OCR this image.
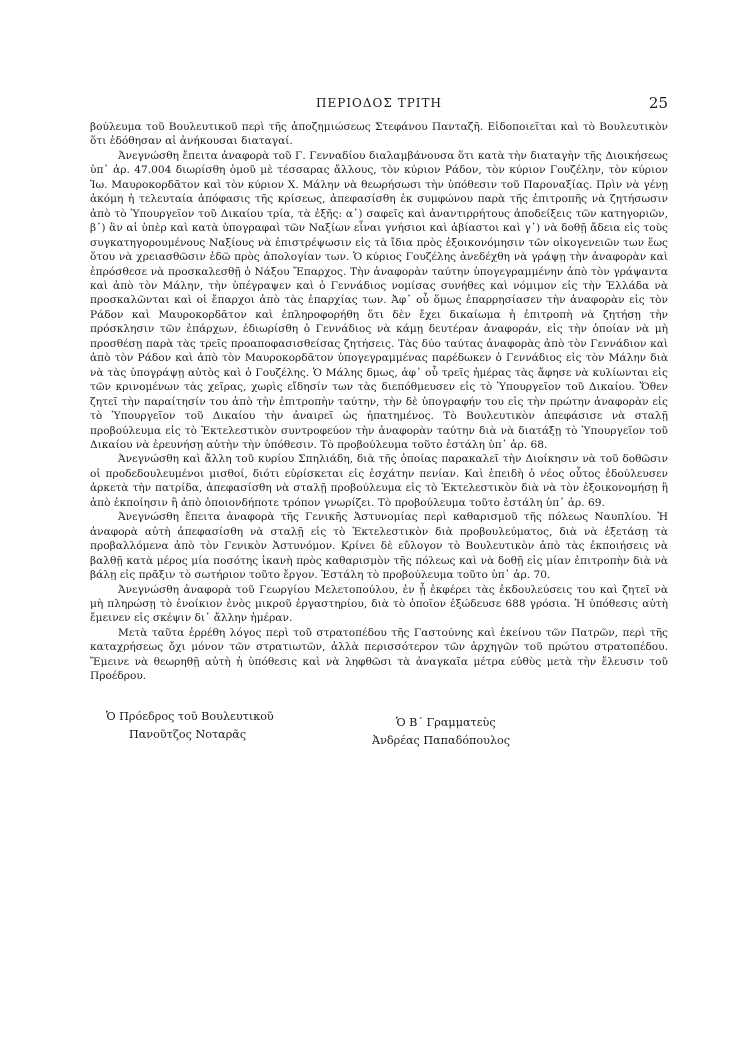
ΠΕΡΙΟΔΟΣ ΤΡΙΤΗ	25

βούλευμα τοῦ Βουλευτικοῦ περὶ τῆς ἀποζημιώσεως Στεφάνου Πανταζῆ. Εἰδοποιεῖται καὶ τὸ Βουλευτικὸν ὅτι ἐδόθησαν αἱ ἀνήκουσαι διαταγαί.

Ἀνεγνώσθη ἔπειτα ἀναφορὰ τοῦ Γ. Γενναδίου διαλαμβάνουσα ὅτι κατὰ τὴν διαταγὴν τῆς Διοικήσεως ὑπ᾽ ἀρ. 47.004 διωρίσθη ὁμοῦ μὲ τέσσαρας ἄλλους, τὸν κύριον Ράδον, τὸν κύριον Γουζέλην, τὸν κύριον Ἰω. Μαυροκορδᾶτον καὶ τὸν κύριον Χ. Μάλην νὰ θεωρήσωσι τὴν ὑπόθεσιν τοῦ Παροναξίας. Πρὶν νὰ γένῃ ἀκόμη ἡ τελευταία ἀπόφασις τῆς κρίσεως, ἀπεφασίσθη ἐκ συμφώνου παρὰ τῆς ἐπιτροπῆς νὰ ζητήσωσιν ἀπὸ τὸ Ὑπουργεῖον τοῦ Δικαίου τρία, τὰ ἐξῆς: α᾽) σαφεῖς καὶ ἀναντιρρήτους ἀποδείξεις τῶν κατηγοριῶν, β᾽) ἂν αἱ ὑπὲρ καὶ κατὰ ὑπογραφαὶ τῶν Ναξίων εἶναι γνήσιοι καὶ ἀβίαστοι καὶ γ᾽) νὰ δοθῇ ἄδεια εἰς τοὺς συγκατηγορουμένους Ναξίους νὰ ἐπιστρέψωσιν εἰς τὰ ἴδια πρὸς ἐξοικονόμησιν τῶν οἰκογενειῶν των ἕως ὅτου νὰ χρειασθῶσιν ἐδῶ πρὸς ἀπολογίαν των. Ὁ κύριος Γουζέλης ἀνεδέχθη νὰ γράψῃ τὴν ἀναφορὰν καὶ ἐπρόσθεσε νὰ προσκαλεσθῇ ὁ Νάξου Ἔπαρχος. Τὴν ἀναφορὰν ταύτην ὑπογεγραμμένην ἀπὸ τὸν γράψαντα καὶ ἀπὸ τὸν Μάλην, τὴν ὑπέγραψεν καὶ ὁ Γεννάδιος νομίσας συνήθες καὶ νόμιμον εἰς τὴν Ἑλλάδα νὰ προσκαλῶνται καὶ οἱ ἔπαρχοι ἀπὸ τὰς ἐπαρχίας των. Ἀφ᾽ οὗ ὅμως ἐπαρρησίασεν τὴν ἀναφορὰν εἰς τὸν Ράδον καὶ Μαυροκορδᾶτον καὶ ἐπληροφορήθη ὅτι δὲν ἔχει δικαίωμα ἡ ἐπιτροπὴ νὰ ζητήσῃ τὴν πρόσκλησιν τῶν ἐπάρχων, ἐδιωρίσθη ὁ Γεννάδιος νὰ κάμῃ δευτέραν ἀναφοράν, εἰς τὴν ὁποίαν νὰ μὴ προσθέσῃ παρὰ τὰς τρεῖς προαποφασισθείσας ζητήσεις. Τὰς δύο ταύτας ἀναφορὰς ἀπὸ τὸν Γεννάδιον καὶ ἀπὸ τὸν Ράδον καὶ ἀπὸ τὸν Μαυροκορδᾶτον ὑπογεγραμμένας παρέδωκεν ὁ Γεννάδιος εἰς τὸν Μάλην διὰ νὰ τὰς ὑπογράψῃ αὐτὸς καὶ ὁ Γουζέλης. Ὁ Μάλης δμως, ἀφ᾽ οὗ τρεῖς ἡμέρας τὰς ἄφησε νὰ κυλίωνται εἰς τῶν κρινομένων τὰς χεῖρας, χωρὶς εἴδησίν των τὰς διεπόθμευσεν εἰς τὸ Ὑπουργεῖον τοῦ Δικαίου. Ὅθεν ζητεῖ τὴν παραίτησίν του ἀπὸ τὴν ἐπιτροπὴν ταύτην, τὴν δὲ ὑπογραφήν του εἰς τὴν πρώτην ἀναφορὰν εἰς τὸ Ὑπουργεῖον τοῦ Δικαίου τὴν ἀναιρεῖ ὡς ἠπατημένος. Τὸ Βουλευτικὸν ἀπεφάσισε νὰ σταλῇ προβούλευμα εἰς τὸ Ἐκτελεστικὸν συντροφεύον τὴν ἀναφορὰν ταύτην διὰ νὰ διατάξῃ τὸ Ὑπουργεῖον τοῦ Δικαίου νὰ ἐρευνήσῃ αὐτὴν τὴν ὑπόθεσιν. Τὸ προβούλευμα τοῦτο ἐστάλη ὑπ᾽ ἀρ. 68.

Ἀνεγνώσθη καὶ ἄλλη τοῦ κυρίου Σπηλιάδη, διὰ τῆς ὁποίας παρακαλεῖ τὴν Διοίκησιν νὰ τοῦ δοθῶσιν οἱ προδεδουλευμένοι μισθοί, διότι εὑρίσκεται εἰς ἐσχάτην πενίαν. Καὶ ἐπειδὴ ὁ νέος οὗτος ἐδούλευσεν ἀρκετὰ τὴν πατρίδα, ἀπεφασίσθη νὰ σταλῇ προβούλευμα εἰς τὸ Ἐκτελεστικὸν διὰ νὰ τὸν ἐξοικονομήσῃ ἢ ἀπὸ ἐκποίησιν ἢ ἀπὸ ὁποιονδήποτε τρόπον γνωρίζει. Τὸ προβούλευμα τοῦτο ἐστάλη ὑπ᾽ ἀρ. 69.

Ἀνεγνώσθη ἔπειτα ἀναφορὰ τῆς Γενικῆς Ἀστυνομίας περὶ καθαρισμοῦ τῆς πόλεως Ναυπλίου. Ἡ ἀναφορὰ αὐτὴ ἀπεφασίσθη νὰ σταλῇ εἰς τὸ Ἐκτελεστικὸν διὰ προβουλεύματος, διὰ νὰ ἐξετάσῃ τὰ προβαλλόμενα ἀπὸ τὸν Γενικὸν Ἀστυνόμον. Κρίνει δὲ εὔλογον τὸ Βουλευτικὸν ἀπὸ τὰς ἐκποιήσεις νὰ βαλθῇ κατὰ μέρος μία ποσότης ἱκανὴ πρὸς καθαρισμὸν τῆς πόλεως καὶ νὰ δοθῇ εἰς μίαν ἐπιτροπὴν διὰ νὰ βάλῃ εἰς πρᾶξιν τὸ σωτήριον τοῦτο ἔργον. Ἐστάλη τὸ προβούλευμα τοῦτο ὑπ᾽ ἀρ. 70.

Ἀνεγνώσθη ἀναφορὰ τοῦ Γεωργίου Μελετοπούλου, ἐν ᾗ ἐκφέρει τὰς ἐκδουλεύσεις του καὶ ζητεῖ νὰ μὴ πληρώσῃ τὸ ἐνοίκιον ἑνὸς μικροῦ ἐργαστηρίου, διὰ τὸ ὁποῖον ἐξώδευσε 688 γρόσια. Ἡ ὑπόθεσις αὐτὴ ἔμεινεν εἰς σκέψιν δι᾽ ἄλλην ἡμέραν.

Μετὰ ταῦτα ἐρρέθη λόγος περὶ τοῦ στρατοπέδου τῆς Γαστούνης καὶ ἐκείνου τῶν Πατρῶν, περὶ τῆς καταχρήσεως ὄχι μόνον τῶν στρατιωτῶν, ἀλλὰ περισσότερον τῶν ἀρχηγῶν τοῦ πρώτου στρατοπέδου. Ἔμεινε νὰ θεωρηθῇ αὐτὴ ἡ ὑπόθεσις καὶ νὰ ληφθῶσι τὰ ἀναγκαῖα μέτρα εὐθὺς μετὰ τὴν ἔλευσιν τοῦ Προέδρου.

Ὁ Πρόεδρος τοῦ Βουλευτικοῦ
Πανοῦτζος Νοταρᾶς
Ὁ Β΄ Γραμματεὺς
Ἀνδρέας Παπαδόπουλος
